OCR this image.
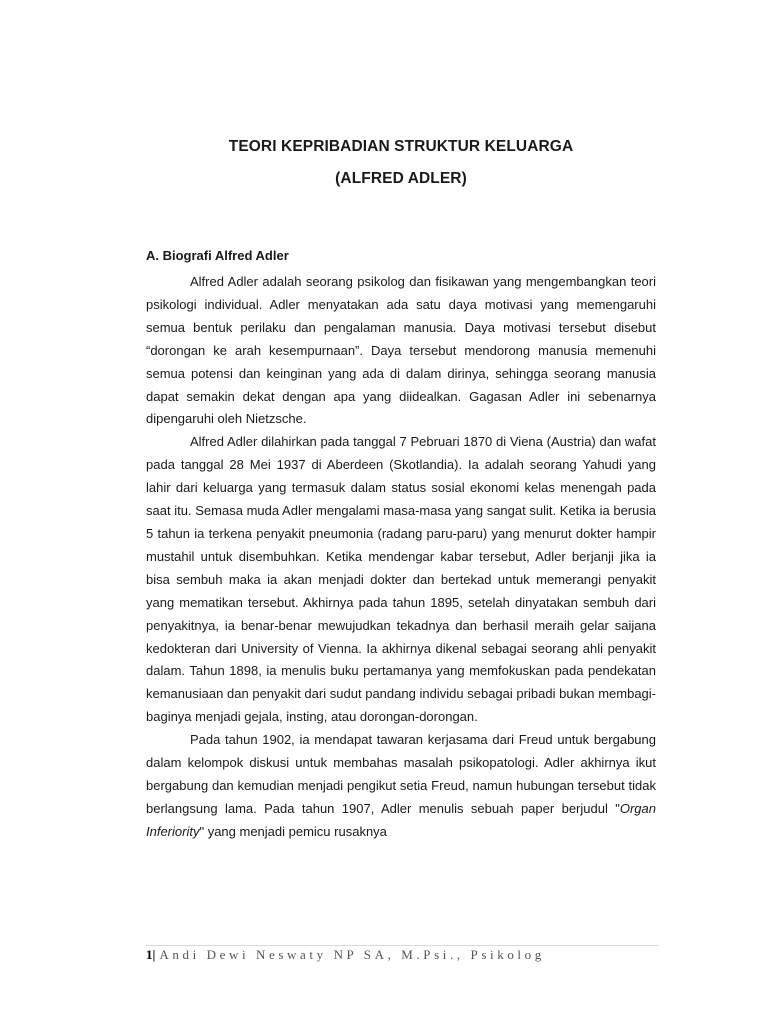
TEORI KEPRIBADIAN STRUKTUR KELUARGA
(ALFRED ADLER)
A. Biografi Alfred Adler

Alfred Adler adalah seorang psikolog dan fisikawan yang mengembangkan teori psikologi individual. Adler menyatakan ada satu daya motivasi yang memengaruhi semua bentuk perilaku dan pengalaman manusia. Daya motivasi tersebut disebut “dorongan ke arah kesempurnaan”. Daya tersebut mendorong manusia memenuhi semua potensi dan keinginan yang ada di dalam dirinya, sehingga seorang manusia dapat semakin dekat dengan apa yang diidealkan. Gagasan Adler ini sebenarnya dipengaruhi oleh Nietzsche.

Alfred Adler dilahirkan pada tanggal 7 Pebruari 1870 di Viena (Austria) dan wafat pada tanggal 28 Mei 1937 di Aberdeen (Skotlandia). Ia adalah seorang Yahudi yang lahir dari keluarga yang termasuk dalam status sosial ekonomi kelas menengah pada saat itu. Semasa muda Adler mengalami masa-masa yang sangat sulit. Ketika ia berusia 5 tahun ia terkena penyakit pneumonia (radang paru-paru) yang menurut dokter hampir mustahil untuk disembuhkan. Ketika mendengar kabar tersebut, Adler berjanji jika ia bisa sembuh maka ia akan menjadi dokter dan bertekad untuk memerangi penyakit yang mematikan tersebut. Akhirnya pada tahun 1895, setelah dinyatakan sembuh dari penyakitnya, ia benar-benar mewujudkan tekadnya dan berhasil meraih gelar saijana kedokteran dari University of Vienna. Ia akhirnya dikenal sebagai seorang ahli penyakit dalam. Tahun 1898, ia menulis buku pertamanya yang memfokuskan pada pendekatan kemanusiaan dan penyakit dari sudut pandang individu sebagai pribadi bukan membagi-baginya menjadi gejala, insting, atau dorongan-dorongan.

Pada tahun 1902, ia mendapat tawaran kerjasama dari Freud untuk bergabung dalam kelompok diskusi untuk membahas masalah psikopatologi. Adler akhirnya ikut bergabung dan kemudian menjadi pengikut setia Freud, namun hubungan tersebut tidak berlangsung lama. Pada tahun 1907, Adler menulis sebuah paper berjudul "Organ Inferiority" yang menjadi pemicu rusaknya

1| Andi Dewi Neswaty NP SA, M.Psi., Psikolog
